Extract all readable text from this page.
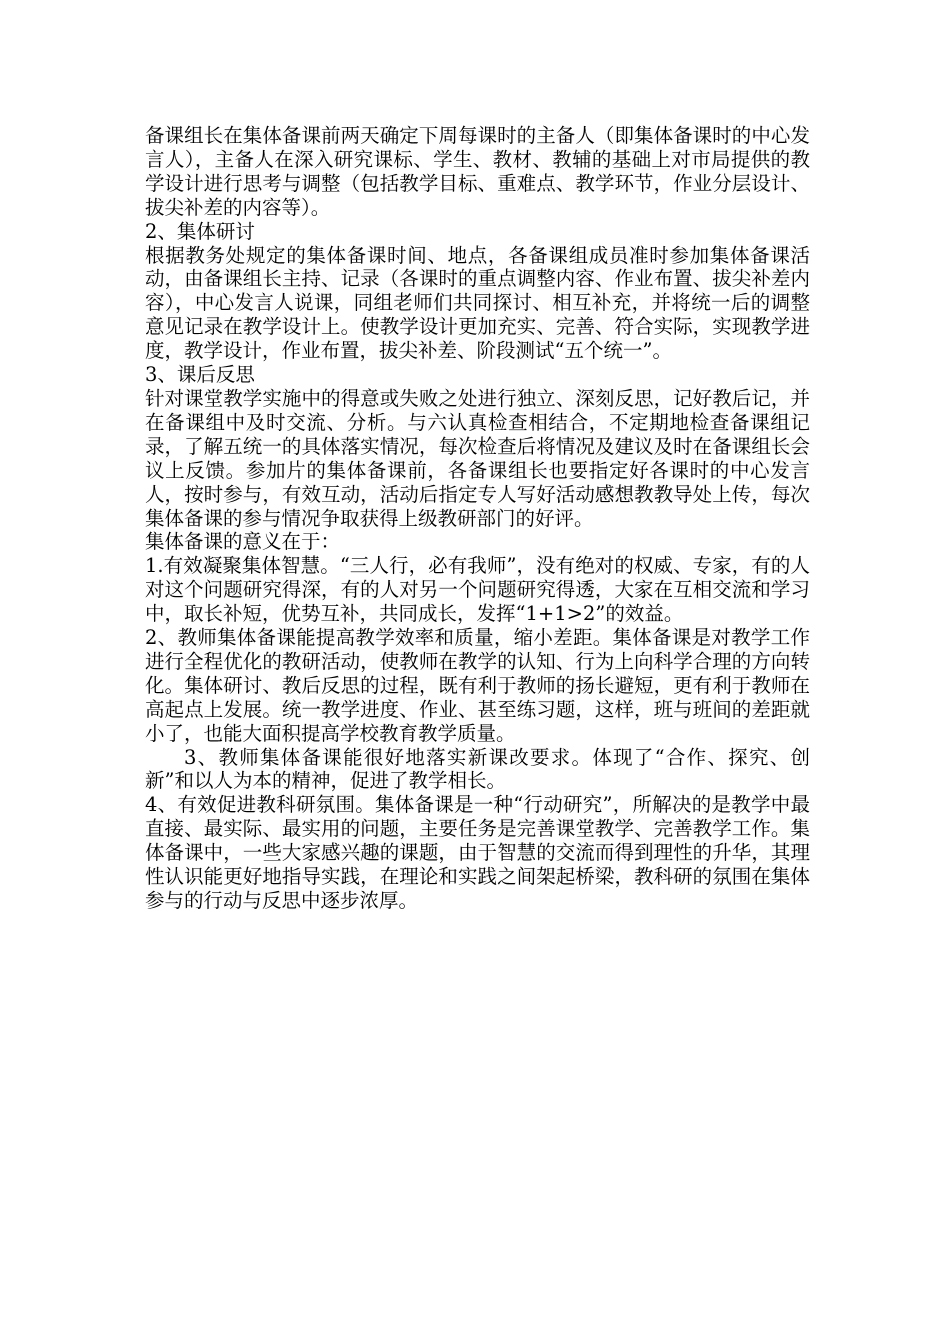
备课组长在集体备课前两天确定下周每课时的主备人（即集体备课时的中心发言人），主备人在深入研究课标、学生、教材、教辅的基础上对市局提供的教学设计进行思考与调整（包括教学目标、重难点、教学环节，作业分层设计、拔尖补差的内容等）。

2、集体研讨

根据教务处规定的集体备课时间、地点，各备课组成员准时参加集体备课活动，由备课组长主持、记录（各课时的重点调整内容、作业布置、拔尖补差内容），中心发言人说课，同组老师们共同探讨、相互补充，并将统一后的调整意见记录在教学设计上。使教学设计更加充实、完善、符合实际，实现教学进度，教学设计，作业布置，拔尖补差、阶段测试“五个统一”。

3、课后反思

针对课堂教学实施中的得意或失败之处进行独立、深刻反思，记好教后记，并在备课组中及时交流、分析。与六认真检查相结合，不定期地检查备课组记录，了解五统一的具体落实情况，每次检查后将情况及建议及时在备课组长会议上反馈。参加片的集体备课前，各备课组长也要指定好各课时的中心发言人，按时参与，有效互动，活动后指定专人写好活动感想教教导处上传，每次集体备课的参与情况争取获得上级教研部门的好评。

集体备课的意义在于：

1.有效凝聚集体智慧。“三人行，必有我师”，没有绝对的权威、专家，有的人对这个问题研究得深，有的人对另一个问题研究得透，大家在互相交流和学习中，取长补短，优势互补，共同成长，发挥“1+1>2”的效益。

2、教师集体备课能提高教学效率和质量，缩小差距。集体备课是对教学工作进行全程优化的教研活动，使教师在教学的认知、行为上向科学合理的方向转化。集体研讨、教后反思的过程，既有利于教师的扬长避短，更有利于教师在高起点上发展。统一教学进度、作业、甚至练习题，这样，班与班间的差距就小了，也能大面积提高学校教育教学质量。

3、教师集体备课能很好地落实新课改要求。体现了“合作、探究、创新”和以人为本的精神，促进了教学相长。

4、有效促进教科研氛围。集体备课是一种“行动研究”，所解决的是教学中最直接、最实际、最实用的问题，主要任务是完善课堂教学、完善教学工作。集体备课中，一些大家感兴趣的课题，由于智慧的交流而得到理性的升华，其理性认识能更好地指导实践，在理论和实践之间架起桥梁，教科研的氛围在集体参与的行动与反思中逐步浓厚。
